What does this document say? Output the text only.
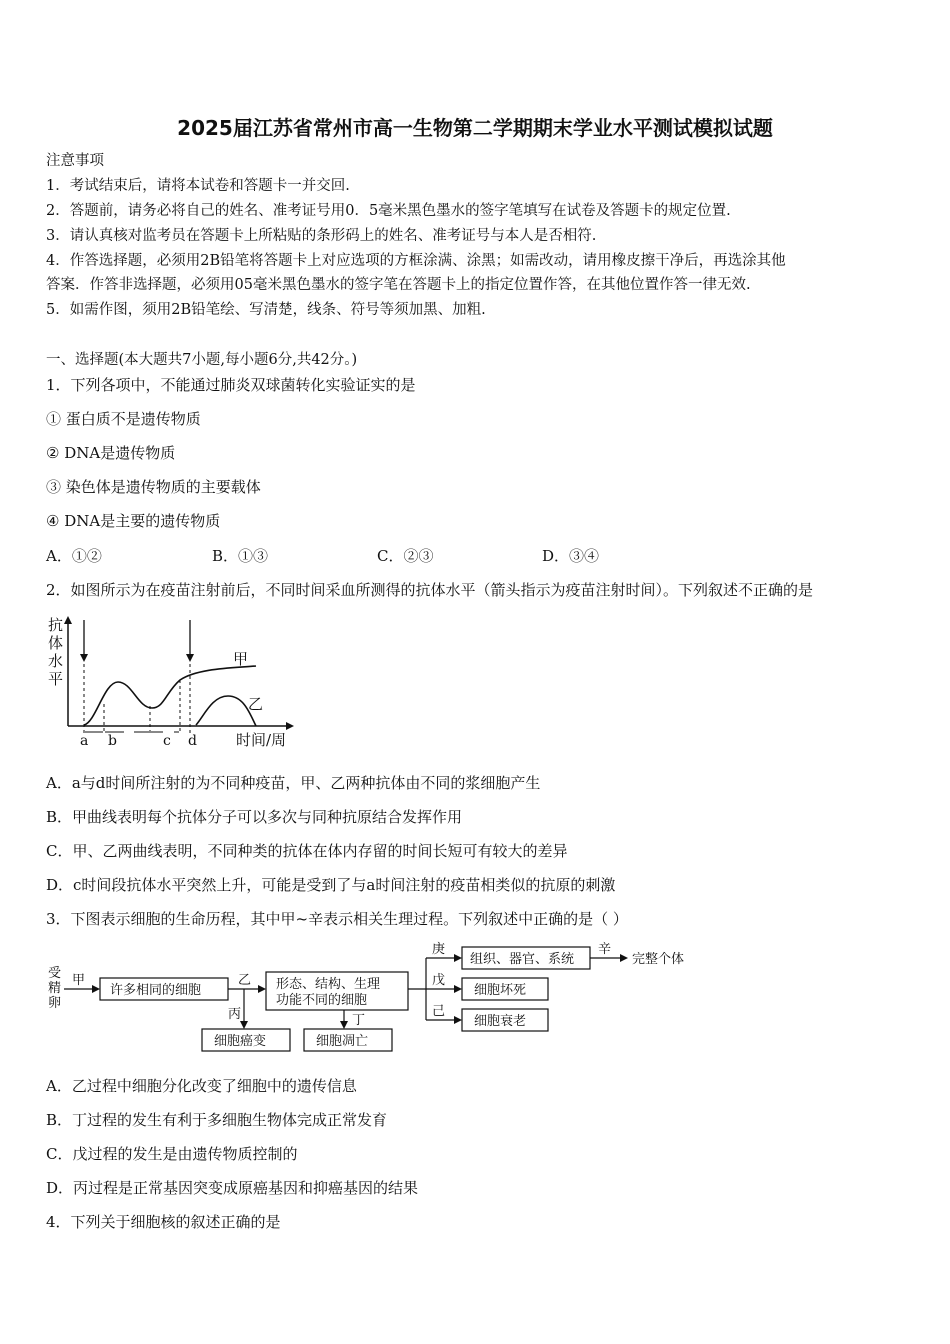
2025届江苏省常州市高一生物第二学期期末学业水平测试模拟试题
注意事项
1．考试结束后，请将本试卷和答题卡一并交回.
2．答题前，请务必将自己的姓名、准考证号用0．5毫米黑色墨水的签字笔填写在试卷及答题卡的规定位置.
3．请认真核对监考员在答题卡上所粘贴的条形码上的姓名、准考证号与本人是否相符.
4．作答选择题，必须用2B铅笔将答题卡上对应选项的方框涂满、涂黑；如需改动，请用橡皮擦干净后，再选涂其他
答案．作答非选择题，必须用05毫米黑色墨水的签字笔在答题卡上的指定位置作答，在其他位置作答一律无效.
5．如需作图，须用2B铅笔绘、写清楚，线条、符号等须加黑、加粗.
一、选择题(本大题共7小题,每小题6分,共42分。)
1．下列各项中，不能通过肺炎双球菌转化实验证实的是
① 蛋白质不是遗传物质
② DNA是遗传物质
③ 染色体是遗传物质的主要载体
④ DNA是主要的遗传物质
A．①②	B．①③	C．②③	D．③④
2．如图所示为在疫苗注射前后，不同时间采血所测得的抗体水平（箭头指示为疫苗注射时间）。下列叙述不正确的是
抗
体
水
平
a b	c d	时间/周
甲
乙
A．a与d时间所注射的为不同种疫苗，甲、乙两种抗体由不同的浆细胞产生
B．甲曲线表明每个抗体分子可以多次与同种抗原结合发挥作用
C．甲、乙两曲线表明，不同种类的抗体在体内存留的时间长短可有较大的差异
D．c时间段抗体水平突然上升，可能是受到了与a时间注射的疫苗相类似的抗原的刺激
3．下图表示细胞的生命历程，其中甲~辛表示相关生理过程。下列叙述中正确的是（ ）
受
精
卵
甲	乙
丙	丁
庚
戊
己
辛
许多相同的细胞	形态、结构、生理
功能不同的细胞
细胞癌变	细胞凋亡
组织、器官、系统
细胞坏死
细胞衰老
完整个体
A．乙过程中细胞分化改变了细胞中的遗传信息
B．丁过程的发生有利于多细胞生物体完成正常发育
C．戊过程的发生是由遗传物质控制的
D．丙过程是正常基因突变成原癌基因和抑癌基因的结果
4．下列关于细胞核的叙述正确的是
